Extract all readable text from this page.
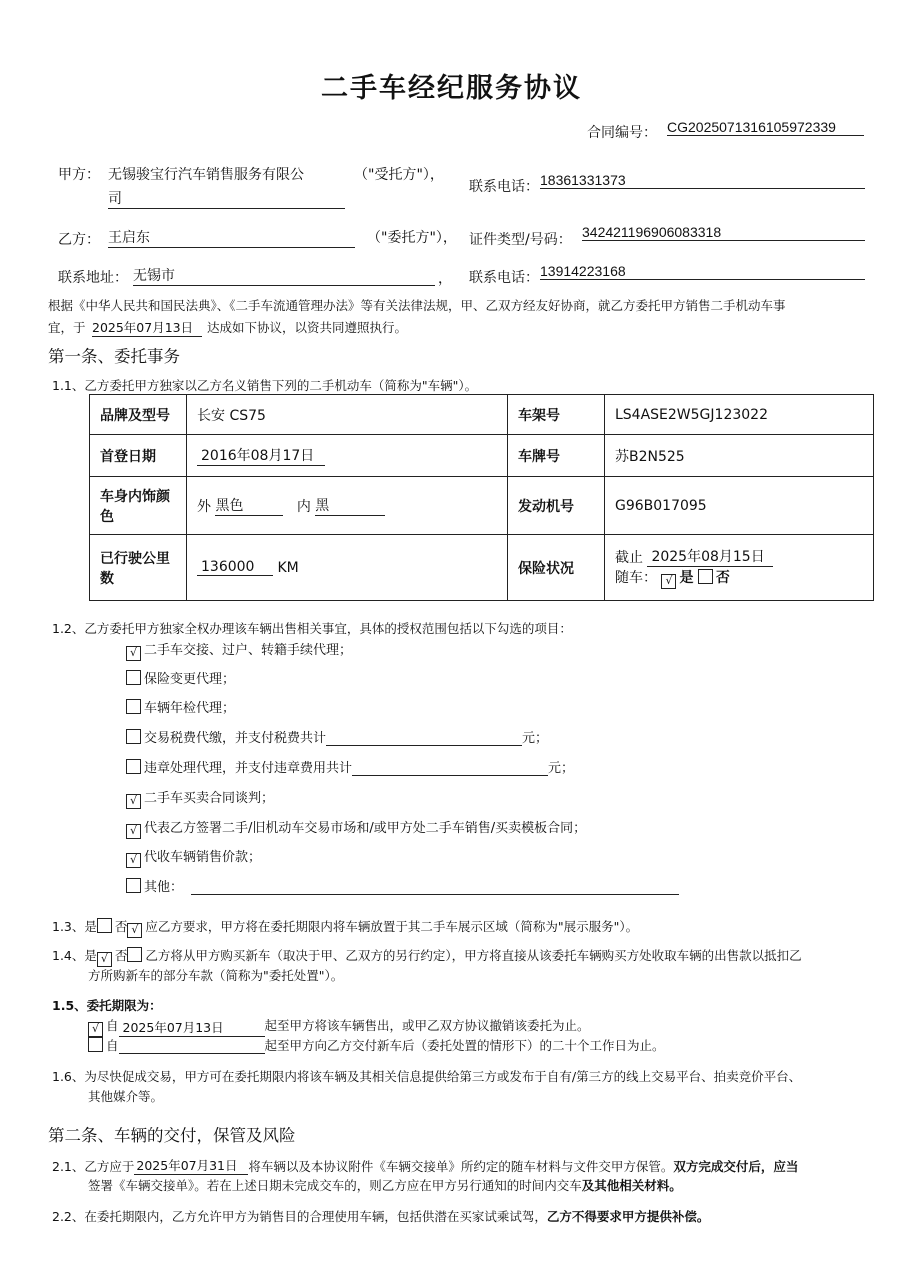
二手车经纪服务协议
合同编号： CG2025071316105972339
甲方： 无锡骏宝行汽车销售服务有限公
司
（"受托方"），
联系电话： 18361331373
乙方： 王启东	（"委托方"）， 证件类型/号码： 342421196906083318
联系地址： 无锡市	， 联系电话： 13914223168
根据《中华人民共和国民法典》、《二手车流通管理办法》等有关法律法规，甲、乙双方经友好协商，就乙方委托甲方销售二手机动车事
宜，于 2025年07月13日	达成如下协议，以资共同遵照执行。
第一条、委托事务
1.1、乙方委托甲方独家以乙方名义销售下列的二手机动车（简称为"车辆"）。
品牌及型号	长安 CS75	车架号	LS4ASE2W5GJ123022
首登日期	2016年08月17日	车牌号	苏B2N525
车身内饰颜
色	外 黑色 内 黑	发动机号	G96B017095
已行驶公里
数	136000 KM	保险状况	截止 2025年08月15日
随车： √ 是 否
1.2、乙方委托甲方独家全权办理该车辆出售相关事宜，具体的授权范围包括以下勾选的项目：
√ 二手车交接、过户、转籍手续代理；
保险变更代理；
车辆年检代理；
交易税费代缴，并支付税费共计	元；
违章处理代理，并支付违章费用共计	元；
√ 二手车买卖合同谈判；
√ 代表乙方签署二手/旧机动车交易市场和/或甲方处二手车销售/买卖模板合同；
√ 代收车辆销售价款；
其他：
1.3、是 否 √ 应乙方要求，甲方将在委托期限内将车辆放置于其二手车展示区域（简称为"展示服务"）。
1.4、是 √ 否 乙方将从甲方购买新车（取决于甲、乙双方的另行约定），甲方将直接从该委托车辆购买方处收取车辆的出售款以抵扣乙
方所购新车的部分车款（简称为"委托处置"）。
1.5、委托期限为：
√ 自 2025年07月13日	起至甲方将该车辆售出，或甲乙双方协议撤销该委托为止。
自	起至甲方向乙方交付新车后（委托处置的情形下）的二十个工作日为止。
1.6、为尽快促成交易，甲方可在委托期限内将该车辆及其相关信息提供给第三方或发布于自有/第三方的线上交易平台、拍卖竞价平台、
其他媒介等。
第二条、车辆的交付，保管及风险
2.1、乙方应于 2025年07月31日 将车辆以及本协议附件《车辆交接单》所约定的随车材料与文件交甲方保管。双方完成交付后，应当
签署《车辆交接单》。若在上述日期未完成交车的，则乙方应在甲方另行通知的时间内交车及其他相关材料。
2.2、在委托期限内，乙方允许甲方为销售目的合理使用车辆，包括供潜在买家试乘试驾，乙方不得要求甲方提供补偿。
